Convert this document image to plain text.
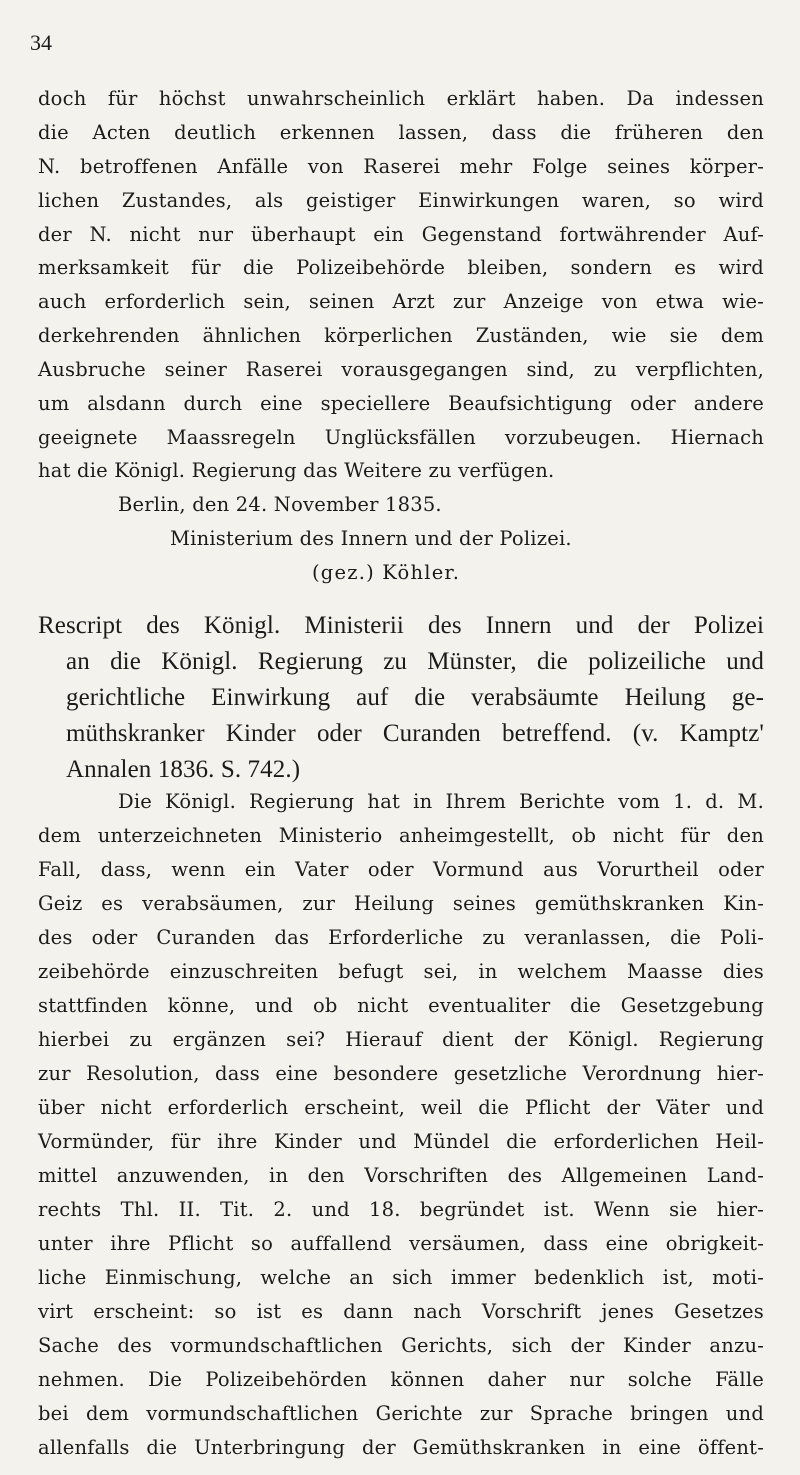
34
doch für höchst unwahrscheinlich erklärt haben. Da indessen
die Acten deutlich erkennen lassen, dass die früheren den
N. betroffenen Anfälle von Raserei mehr Folge seines körper-
lichen Zustandes, als geistiger Einwirkungen waren, so wird
der N. nicht nur überhaupt ein Gegenstand fortwährender Auf-
merksamkeit für die Polizeibehörde bleiben, sondern es wird
auch erforderlich sein, seinen Arzt zur Anzeige von etwa wie-
derkehrenden ähnlichen körperlichen Zuständen, wie sie dem
Ausbruche seiner Raserei vorausgegangen sind, zu verpflichten,
um alsdann durch eine speciellere Beaufsichtigung oder andere
geeignete Maassregeln Unglücksfällen vorzubeugen. Hiernach
hat die Königl. Regierung das Weitere zu verfügen.
Berlin, den 24. November 1835.
Ministerium des Innern und der Polizei.
(gez.) Köhler.
Rescript des Königl. Ministerii des Innern und der Polizei
an die Königl. Regierung zu Münster, die polizeiliche und
gerichtliche Einwirkung auf die verabsäumte Heilung ge-
müthskranker Kinder oder Curanden betreffend. (v. Kamptz'
Annalen 1836. S. 742.)
Die Königl. Regierung hat in Ihrem Berichte vom 1. d. M.
dem unterzeichneten Ministerio anheimgestellt, ob nicht für den
Fall, dass, wenn ein Vater oder Vormund aus Vorurtheil oder
Geiz es verabsäumen, zur Heilung seines gemüthskranken Kin-
des oder Curanden das Erforderliche zu veranlassen, die Poli-
zeibehörde einzuschreiten befugt sei, in welchem Maasse dies
stattfinden könne, und ob nicht eventualiter die Gesetzgebung
hierbei zu ergänzen sei? Hierauf dient der Königl. Regierung
zur Resolution, dass eine besondere gesetzliche Verordnung hier-
über nicht erforderlich erscheint, weil die Pflicht der Väter und
Vormünder, für ihre Kinder und Mündel die erforderlichen Heil-
mittel anzuwenden, in den Vorschriften des Allgemeinen Land-
rechts Thl. II. Tit. 2. und 18. begründet ist. Wenn sie hier-
unter ihre Pflicht so auffallend versäumen, dass eine obrigkeit-
liche Einmischung, welche an sich immer bedenklich ist, moti-
virt erscheint: so ist es dann nach Vorschrift jenes Gesetzes
Sache des vormundschaftlichen Gerichts, sich der Kinder anzu-
nehmen. Die Polizeibehörden können daher nur solche Fälle
bei dem vormundschaftlichen Gerichte zur Sprache bringen und
allenfalls die Unterbringung der Gemüthskranken in eine öffent-
